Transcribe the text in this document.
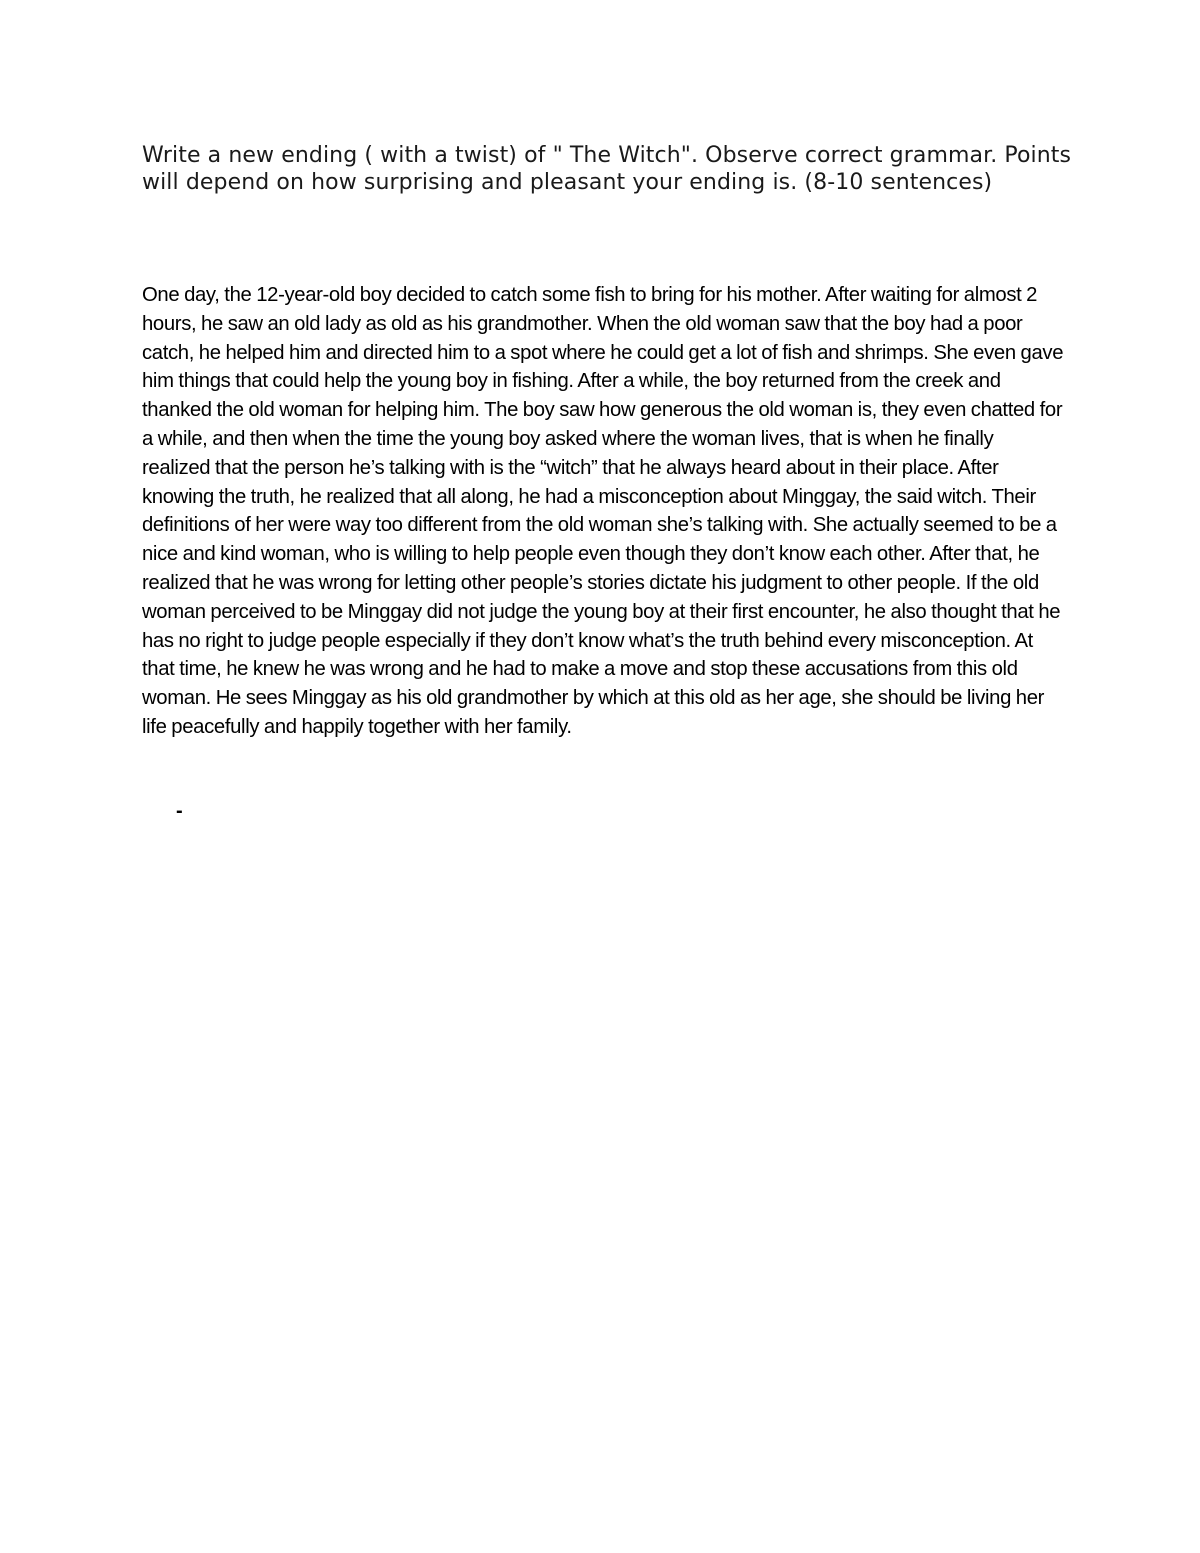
Write a new ending ( with a twist) of " The Witch". Observe correct grammar. Points will depend on how surprising and pleasant your ending is. (8-10 sentences)

One day, the 12-year-old boy decided to catch some fish to bring for his mother. After waiting for almost 2 hours, he saw an old lady as old as his grandmother. When the old woman saw that the boy had a poor catch, he helped him and directed him to a spot where he could get a lot of fish and shrimps. She even gave him things that could help the young boy in fishing. After a while, the boy returned from the creek and thanked the old woman for helping him. The boy saw how generous the old woman is, they even chatted for a while, and then when the time the young boy asked where the woman lives, that is when he finally realized that the person he’s talking with is the “witch” that he always heard about in their place. After knowing the truth, he realized that all along, he had a misconception about Minggay, the said witch. Their definitions of her were way too different from the old woman she’s talking with. She actually seemed to be a nice and kind woman, who is willing to help people even though they don’t know each other. After that, he realized that he was wrong for letting other people’s stories dictate his judgment to other people. If the old woman perceived to be Minggay did not judge the young boy at their first encounter, he also thought that he has no right to judge people especially if they don’t know what’s the truth behind every misconception. At that time, he knew he was wrong and he had to make a move and stop these accusations from this old woman. He sees Minggay as his old grandmother by which at this old as her age, she should be living her life peacefully and happily together with her family.

-
